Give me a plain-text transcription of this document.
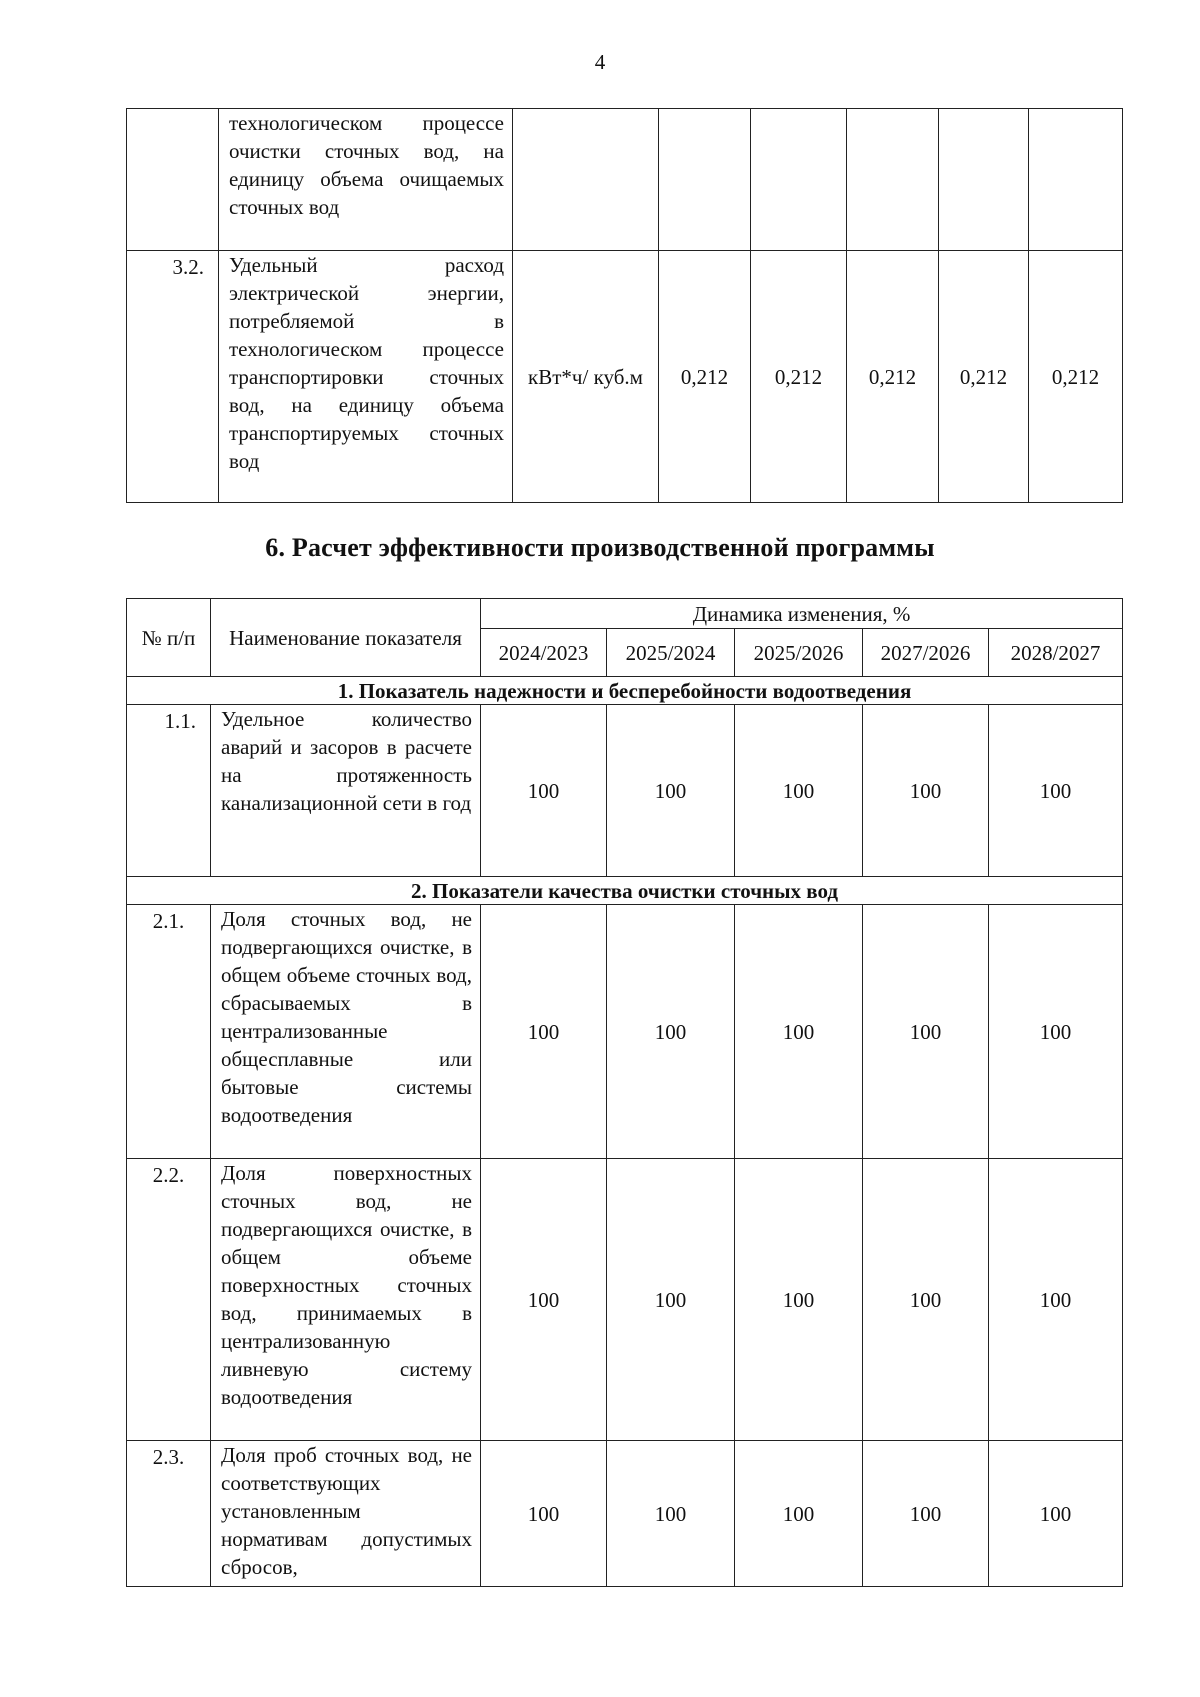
4
	технологическом процессе очистки сточных вод, на единицу объема очищаемых сточных вод						
3.2.	Удельный расход электрической энергии, потребляемой в технологическом процессе транспортировки сточных вод, на единицу объема транспортируемых сточных вод	кВт*ч/ куб.м	0,212	0,212	0,212	0,212	0,212
6. Расчет эффективности производственной программы
№ п/п	Наименование показателя	Динамика изменения, %				
		2024/2023	2025/2024	2025/2026	2027/2026	2028/2027
1. Показатель надежности и бесперебойности водоотведения						
1.1.	Удельное количество аварий и засоров в расчете на протяженность канализационной сети в год	100	100	100	100	100
2. Показатели качества очистки сточных вод						
2.1.	Доля сточных вод, не подвергающихся очистке, в общем объеме сточных вод, сбрасываемых в централизованные общесплавные или бытовые системы водоотведения	100	100	100	100	100
2.2.	Доля поверхностных сточных вод, не подвергающихся очистке, в общем объеме поверхностных сточных вод, принимаемых в централизованную ливневую систему водоотведения	100	100	100	100	100
2.3.	Доля проб сточных вод, не соответствующих установленным нормативам допустимых сбросов,	100	100	100	100	100
